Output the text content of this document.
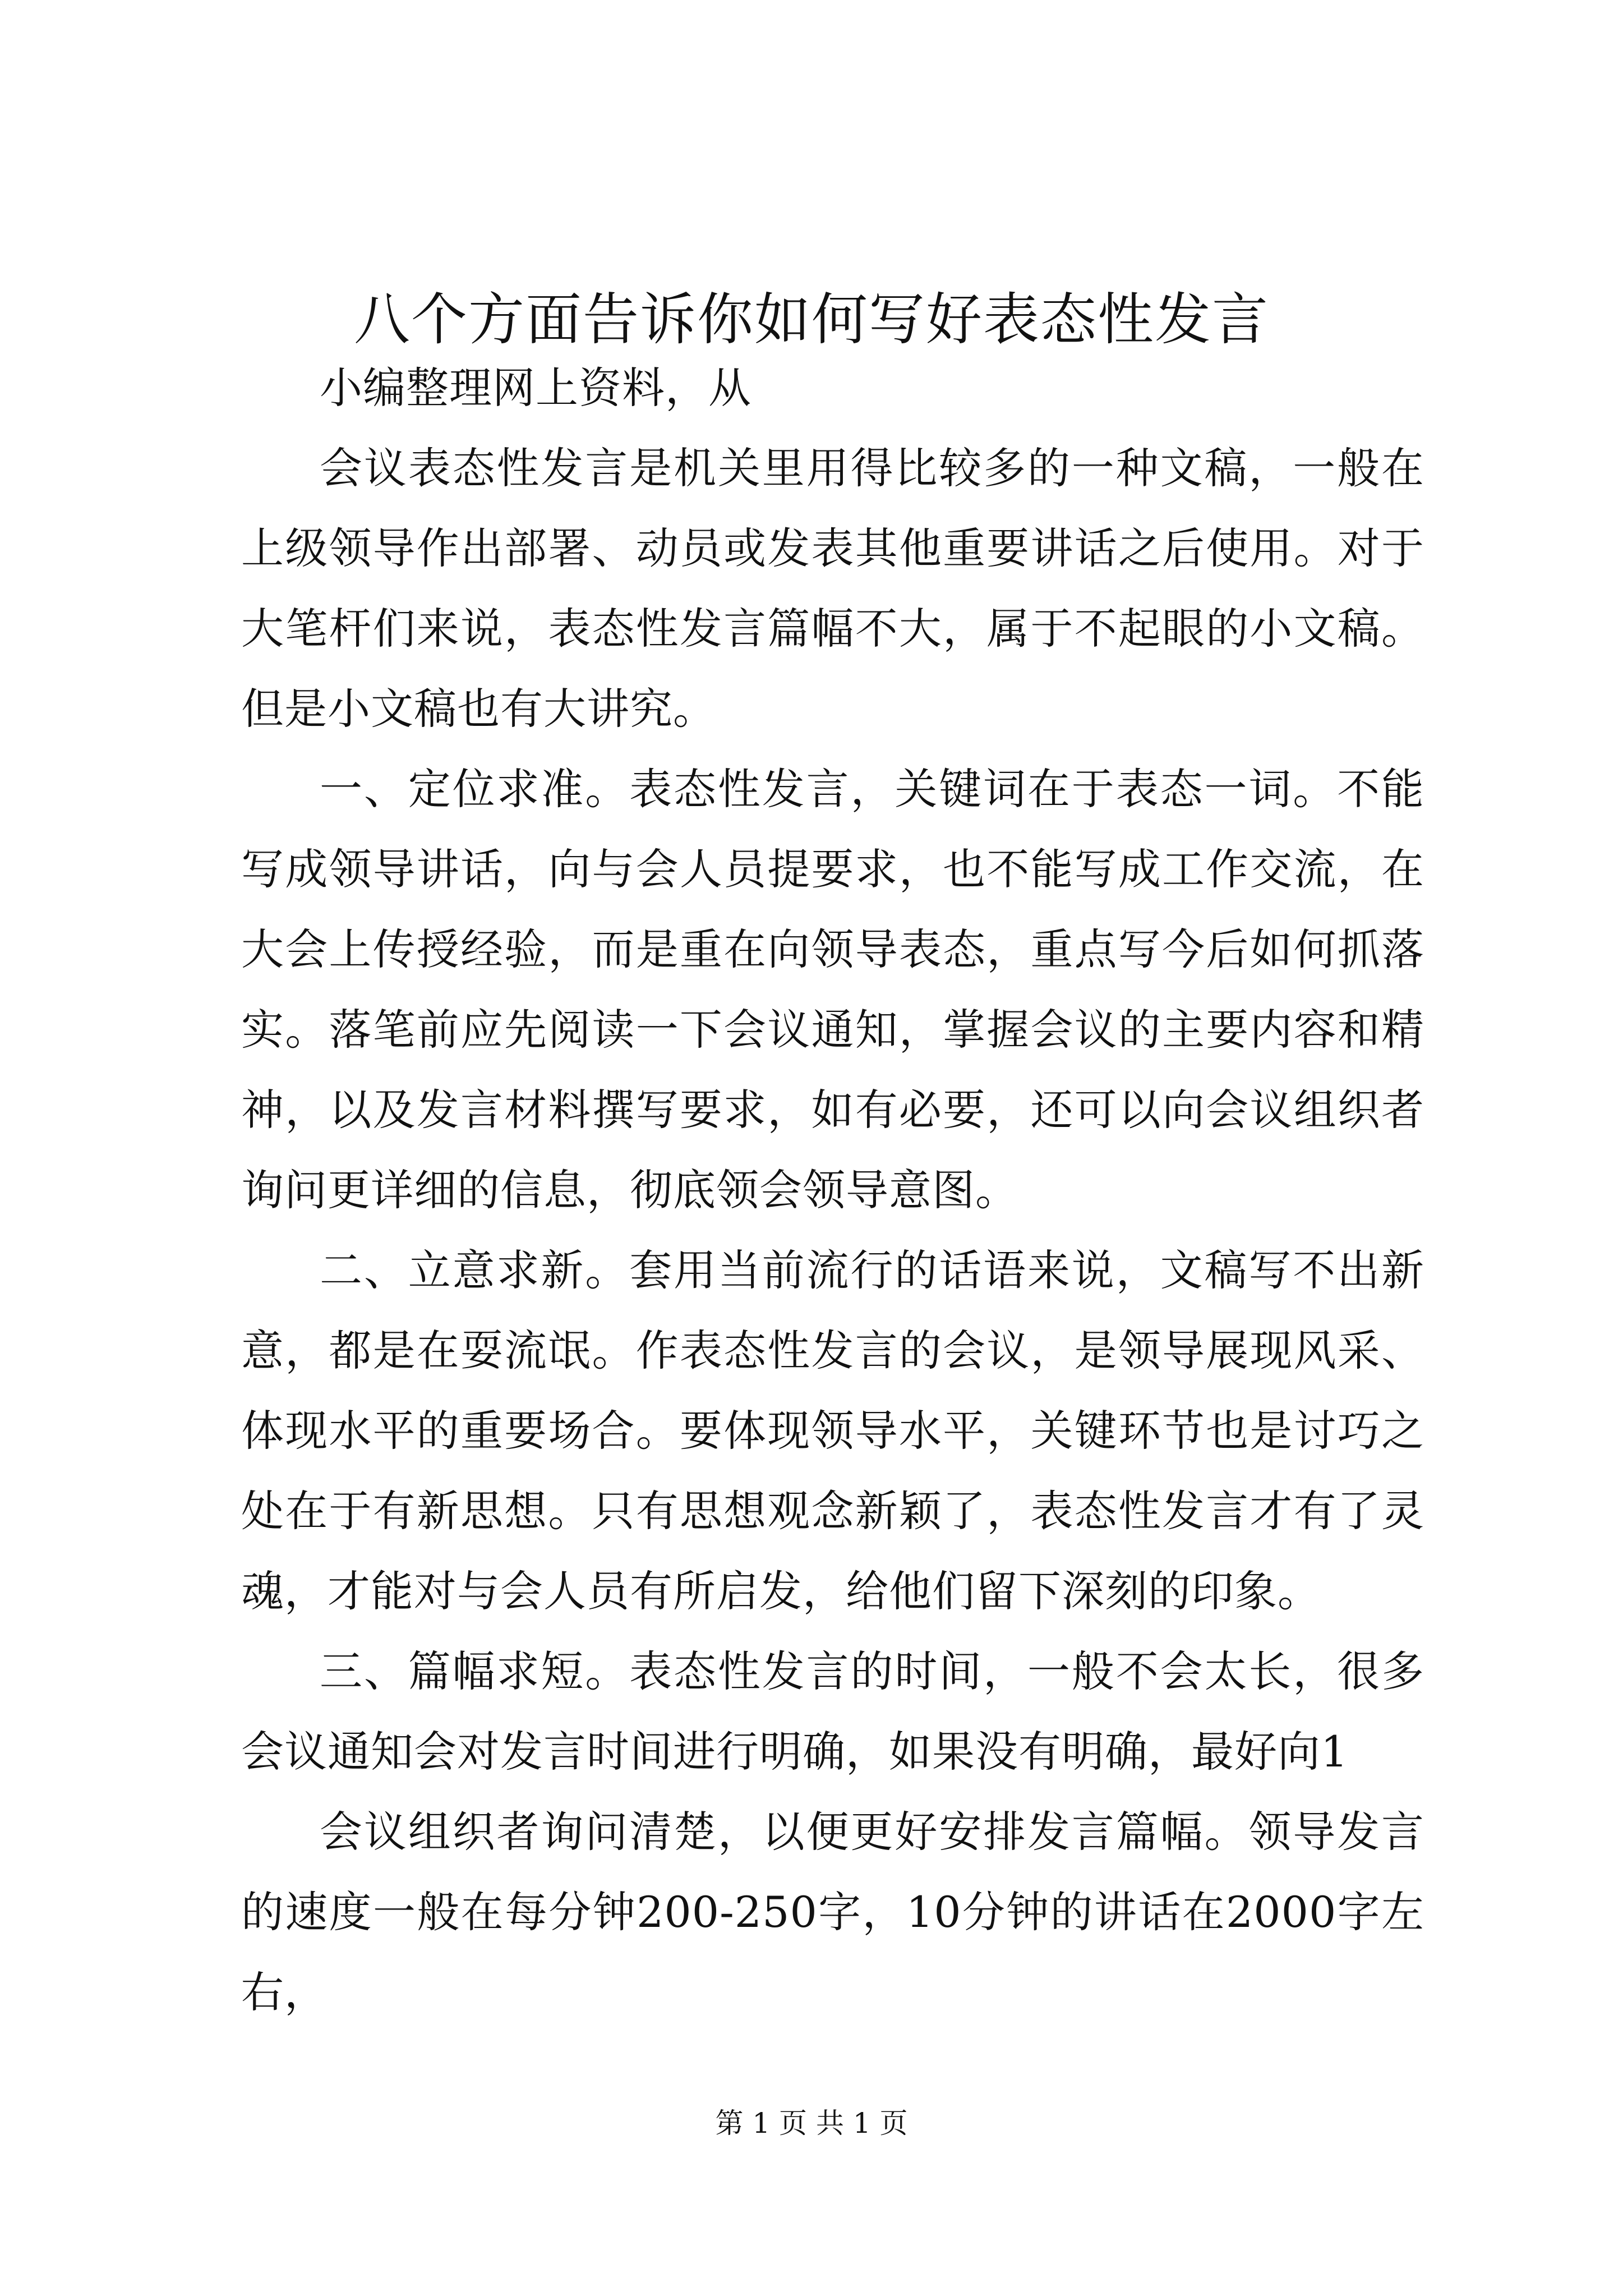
八个方面告诉你如何写好表态性发言

小编整理网上资料，从

会议表态性发言是机关里用得比较多的一种文稿，一般在上级领导作出部署、动员或发表其他重要讲话之后使用。对于大笔杆们来说，表态性发言篇幅不大，属于不起眼的小文稿。但是小文稿也有大讲究。

一、定位求准。表态性发言，关键词在于表态一词。不能写成领导讲话，向与会人员提要求，也不能写成工作交流，在大会上传授经验，而是重在向领导表态，重点写今后如何抓落实。落笔前应先阅读一下会议通知，掌握会议的主要内容和精神，以及发言材料撰写要求，如有必要，还可以向会议组织者询问更详细的信息，彻底领会领导意图。

二、立意求新。套用当前流行的话语来说，文稿写不出新意，都是在耍流氓。作表态性发言的会议，是领导展现风采、体现水平的重要场合。要体现领导水平，关键环节也是讨巧之处在于有新思想。只有思想观念新颖了，表态性发言才有了灵魂，才能对与会人员有所启发，给他们留下深刻的印象。

三、篇幅求短。表态性发言的时间，一般不会太长，很多会议通知会对发言时间进行明确，如果没有明确，最好向1

会议组织者询问清楚，以便更好安排发言篇幅。领导发言的速度一般在每分钟200-250字，10分钟的讲话在2000字左右，

第 1 页 共 1 页
